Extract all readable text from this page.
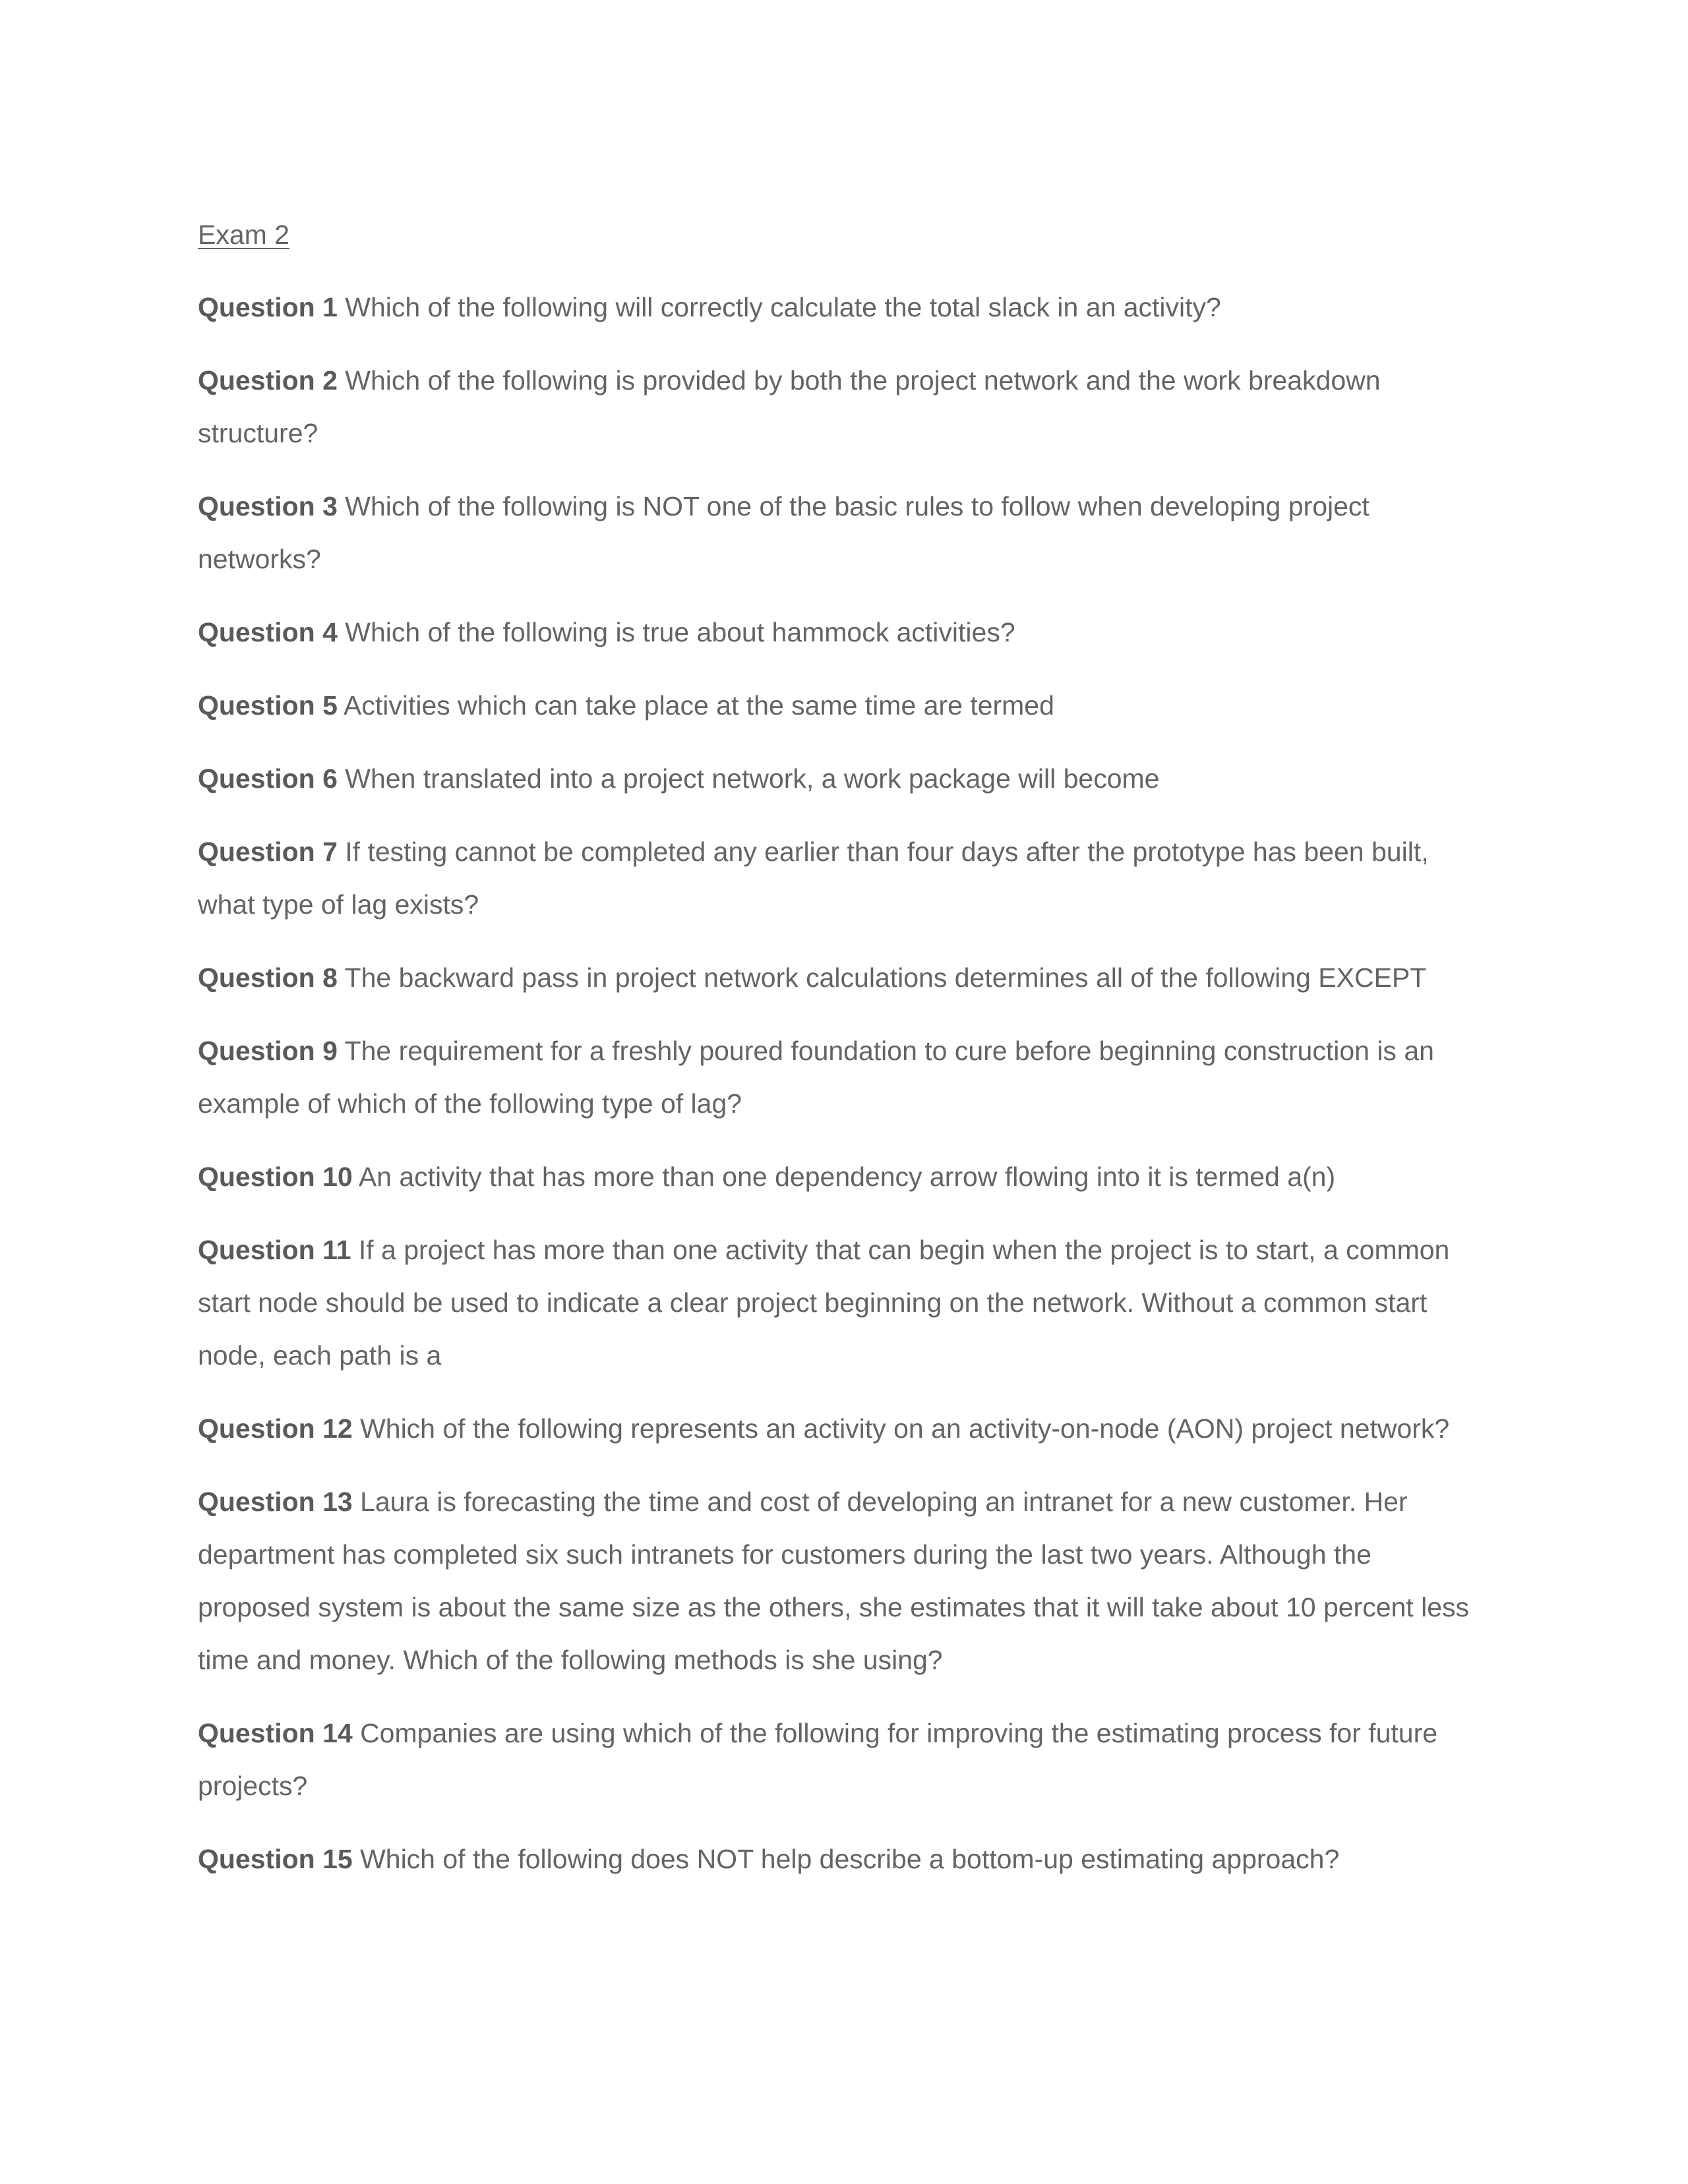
Exam 2
Question 1 Which of the following will correctly calculate the total slack in an activity?
Question 2 Which of the following is provided by both the project network and the work breakdown structure?
Question 3 Which of the following is NOT one of the basic rules to follow when developing project networks?
Question 4 Which of the following is true about hammock activities?
Question 5 Activities which can take place at the same time are termed
Question 6 When translated into a project network, a work package will become
Question 7 If testing cannot be completed any earlier than four days after the prototype has been built, what type of lag exists?
Question 8 The backward pass in project network calculations determines all of the following EXCEPT
Question 9 The requirement for a freshly poured foundation to cure before beginning construction is an example of which of the following type of lag?
Question 10 An activity that has more than one dependency arrow flowing into it is termed a(n)
Question 11 If a project has more than one activity that can begin when the project is to start, a common start node should be used to indicate a clear project beginning on the network. Without a common start node, each path is a
Question 12 Which of the following represents an activity on an activity-on-node (AON) project network?
Question 13 Laura is forecasting the time and cost of developing an intranet for a new customer. Her department has completed six such intranets for customers during the last two years. Although the proposed system is about the same size as the others, she estimates that it will take about 10 percent less time and money. Which of the following methods is she using?
Question 14 Companies are using which of the following for improving the estimating process for future projects?
Question 15 Which of the following does NOT help describe a bottom-up estimating approach?
